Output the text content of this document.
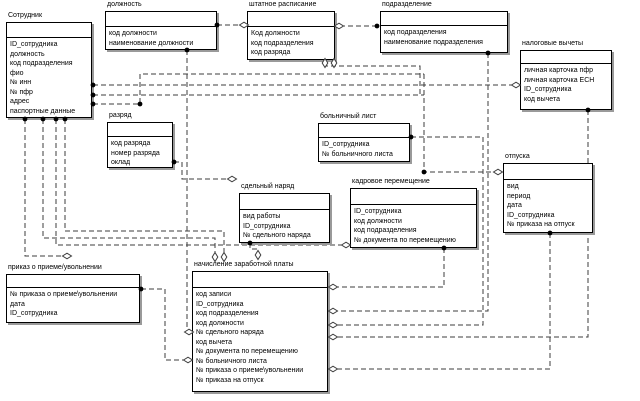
Сотрудник
ID_сотрудника
должность
код подразделения
фио
№ инн
№ пфр
адрес
паспортные данные
должность
код должности
наименование должности
штатное расписание
Код должности
код подразделения
код разряда
подразделение
код подразделения
наименование подразделения	налоговые вычеты
личная карточка пфр
личная карточка ЕСН
ID_сотрудника
код вычета
разряд
код разряда
номер разряда
оклад
больничный лист
ID_сотрудника
№ больничного листа
сдельный наряд
вид работы
ID_сотрудника
№ сдельного наряда
кадровое перемещение
ID_сотрудника
код должности
код подразделения
№ документа по перемещению
отпуска
вид
период
дата
ID_сотрудника
№ приказа на отпуск
приказ о приеме/увольнении
№ приказа о приеме\увольнении
дата
ID_сотрудника
начисление заработной платы
код записи
ID_сотрудника
код подразделения
код должности
№ сдельного наряда
код вычета
№ документа по перемещению
№ больничного листа
№ приказа о приеме\увольнении
№ приказа на отпуск
